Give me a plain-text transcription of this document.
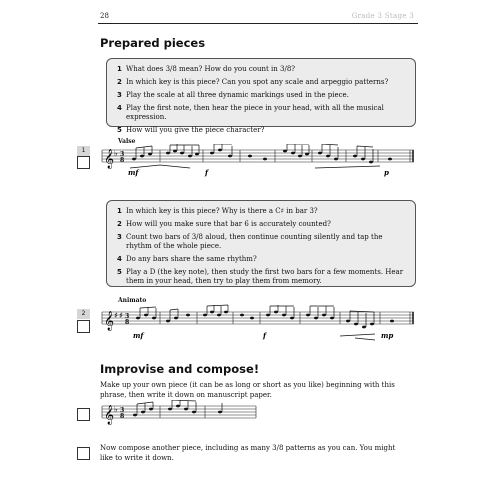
28	Grade 3 Stage 3
Prepared pieces
1 What does 3/8 mean? How do you count in 3/8?
2 In which key is this piece? Can you spot any scale and arpeggio patterns?
3 Play the scale at all three dynamic markings used in the piece.
4 Play the first note, then hear the piece in your head, with all the musical expression.
5 How will you give the piece character?
Valse
1 𝄞 ♭ 3
8
mf	f	p
1 In which key is this piece? Why is there a C♯ in bar 3?
2 How will you make sure that bar 6 is accurately counted?
3 Count two bars of 3/8 aloud, then continue counting silently and tap the rhythm of the whole piece.
4 Do any bars share the same rhythm?
5 Play a D (the key note), then study the first two bars for a few moments. Hear them in your head, then try to play them from memory.
Animato
2 𝄞 ♯ ♯ 3
8
mf	f	mp
Improvise and compose!
Make up your own piece (it can be as long or short as you like) beginning with this phrase, then write it down on manuscript paper.
𝄞 ♭ 3
8
Now compose another piece, including as many 3/8 patterns as you can. You might like to write it down.
